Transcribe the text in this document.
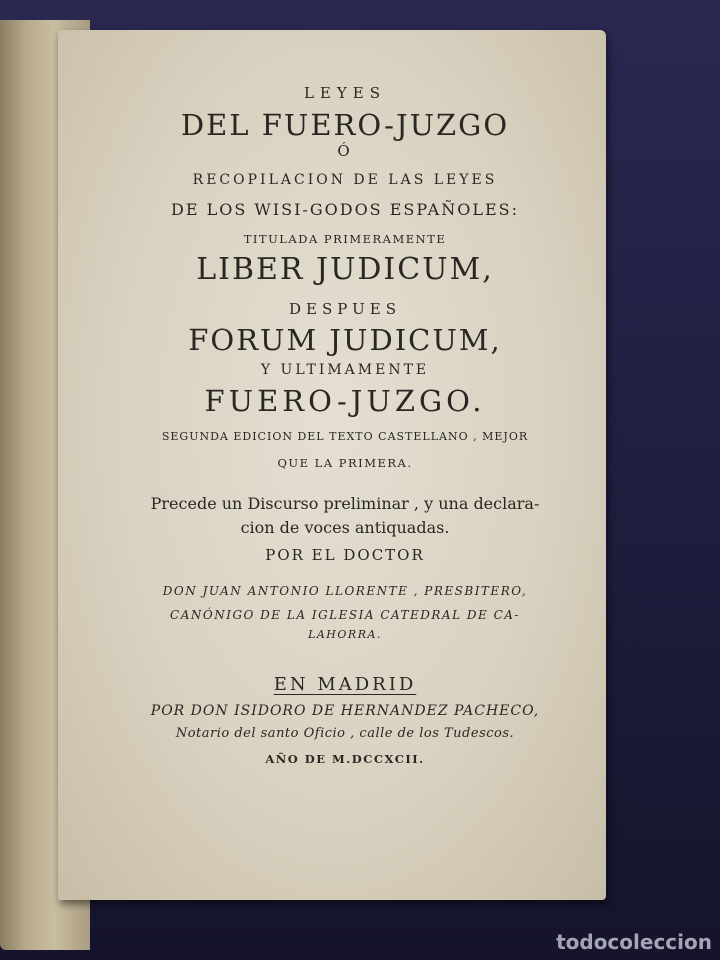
LEYES
DEL FUERO-JUZGO
Ó
RECOPILACION DE LAS LEYES
DE LOS WISI-GODOS ESPAÑOLES:
TITULADA PRIMERAMENTE
LIBER JUDICUM,
DESPUES
FORUM JUDICUM,
Y ULTIMAMENTE
FUERO-JUZGO.
SEGUNDA EDICION DEL TEXTO CASTELLANO , MEJOR
QUE LA PRIMERA.
Precede un Discurso preliminar , y una declara-
cion de voces antiquadas.
POR EL DOCTOR
DON JUAN ANTONIO LLORENTE , PRESBITERO,
CANÓNIGO DE LA IGLESIA CATEDRAL DE CA-
LAHORRA.
EN MADRID
POR DON ISIDORO DE HERNANDEZ PACHECO,
Notario del santo Oficio , calle de los Tudescos.
AÑO DE M.DCCXCII.
todocoleccion
